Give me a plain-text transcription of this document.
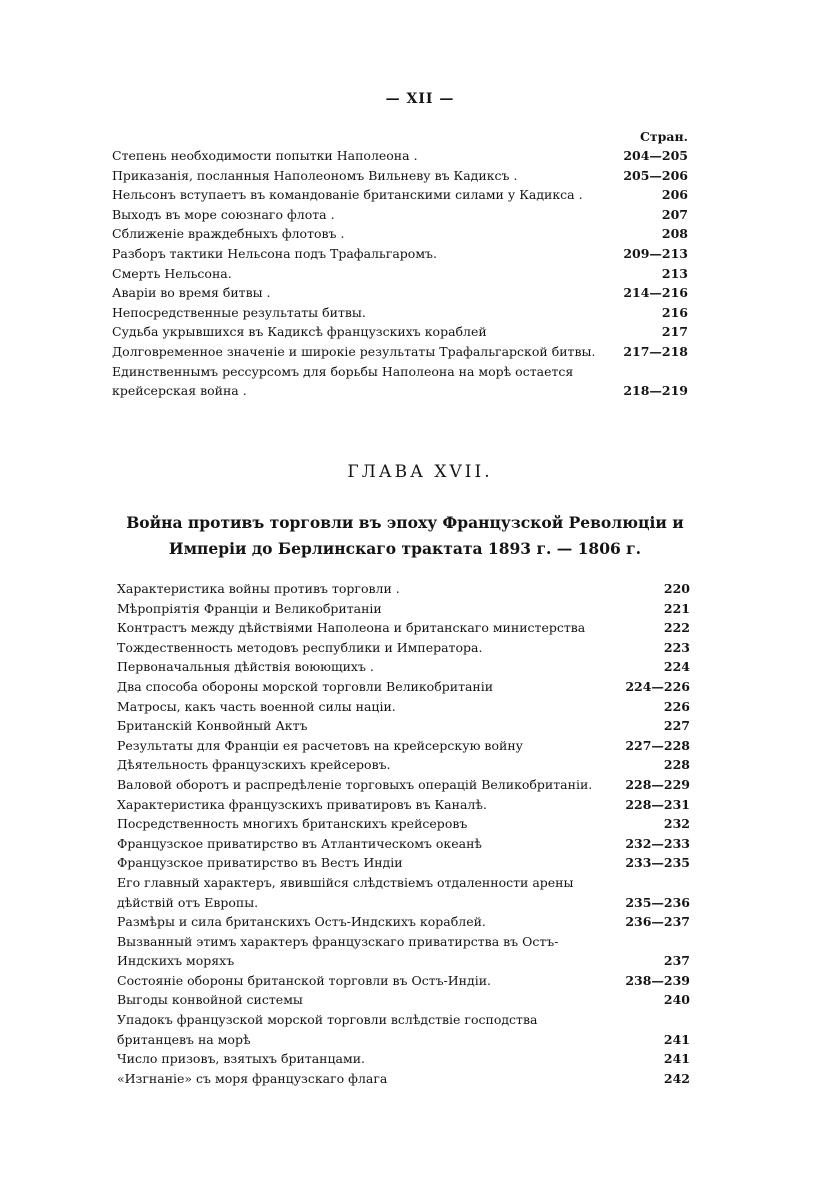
— XII —
Стран.
Степень необходимости попытки Наполеона .	204—205
Приказанія, посланныя Наполеономъ Вильневу въ Кадиксъ .	205—206
Нельсонъ вступаетъ въ командованіе британскими силами у Кадикса .	206
Выходъ въ море союзнаго флота .	207
Сближеніе враждебныхъ флотовъ .	208
Разборъ тактики Нельсона подъ Трафальгаромъ.	209—213
Смерть Нельсона.	213
Аваріи во время битвы .	214—216
Непосредственные результаты битвы.	216
Судьба укрывшихся въ Кадиксѣ французскихъ кораблей	217
Долговременное значеніе и широкіе результаты Трафальгарской битвы.	217—218
Единственнымъ рессурсомъ для борьбы Наполеона на морѣ остается крейсерская война .	218—219
ГЛАВА XVII.
Война противъ торговли въ эпоху Французской Революціи и Имперіи до Берлинскаго трактата 1893 г. — 1806 г.
Характеристика войны противъ торговли .	220
Мѣропріятія Франціи и Великобританіи	221
Контрастъ между дѣйствіями Наполеона и британскаго министерства	222
Тождественность методовъ республики и Императора.	223
Первоначальныя дѣйствія воюющихъ .	224
Два способа обороны морской торговли Великобританіи	224—226
Матросы, какъ часть военной силы націи.	226
Британскій Конвойный Актъ	227
Результаты для Франціи ея расчетовъ на крейсерскую войну	227—228
Дѣятельность французскихъ крейсеровъ.	228
Валовой оборотъ и распредѣленіе торговыхъ операцій Великобританіи.	228—229
Характеристика французскихъ приватировъ въ Каналѣ.	228—231
Посредственность многихъ британскихъ крейсеровъ	232
Французское приватирство въ Атлантическомъ океанѣ	232—233
Французское приватирство въ Вестъ Индіи	233—235
Его главный характеръ, явившійся слѣдствіемъ отдаленности арены дѣйствій отъ Европы.	235—236
Размѣры и сила британскихъ Остъ-Индскихъ кораблей.	236—237
Вызванный этимъ характеръ французскаго приватирства въ Остъ-Индскихъ моряхъ	237
Состояніе обороны британской торговли въ Остъ-Индіи.	238—239
Выгоды конвойной системы	240
Упадокъ французской морской торговли вслѣдствіе господства британцевъ на морѣ	241
Число призовъ, взятыхъ британцами.	241
«Изгнаніе» съ моря французскаго флага	242
